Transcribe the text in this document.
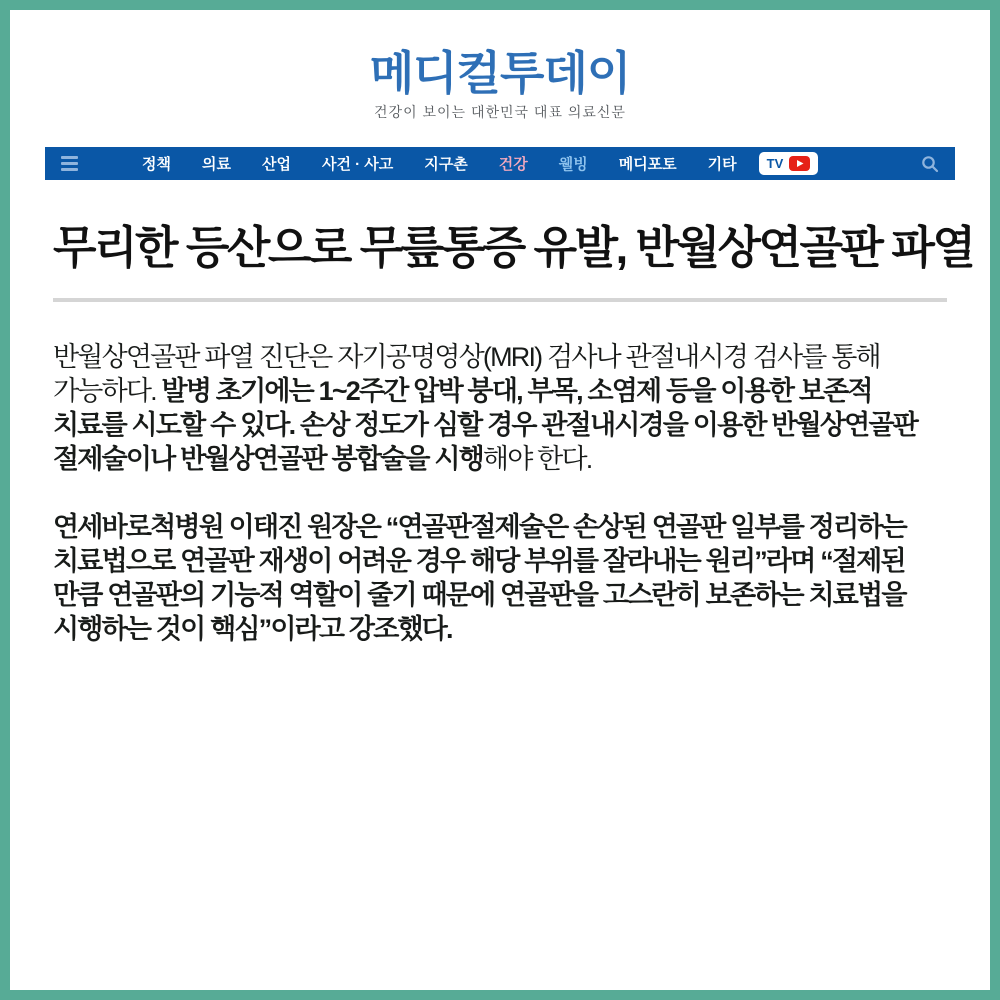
메디컬투데이
건강이 보이는 대한민국 대표 의료신문
정책 의료 산업 사건 · 사고 지구촌 건강 웰빙 메디포토 기타 TV
무리한 등산으로 무릎통증 유발, 반월상연골판 파열

반월상연골판 파열 진단은 자기공명영상(MRI) 검사나 관절내시경 검사를 통해 가능하다. 발병 초기에는 1~2주간 압박 붕대, 부목, 소염제 등을 이용한 보존적 치료를 시도할 수 있다. 손상 정도가 심할 경우 관절내시경을 이용한 반월상연골판 절제술이나 반월상연골판 봉합술을 시행해야 한다.

연세바로척병원 이태진 원장은 “연골판절제술은 손상된 연골판 일부를 정리하는 치료법으로 연골판 재생이 어려운 경우 해당 부위를 잘라내는 원리”라며 “절제된 만큼 연골판의 기능적 역할이 줄기 때문에 연골판을 고스란히 보존하는 치료법을 시행하는 것이 핵심”이라고 강조했다.
